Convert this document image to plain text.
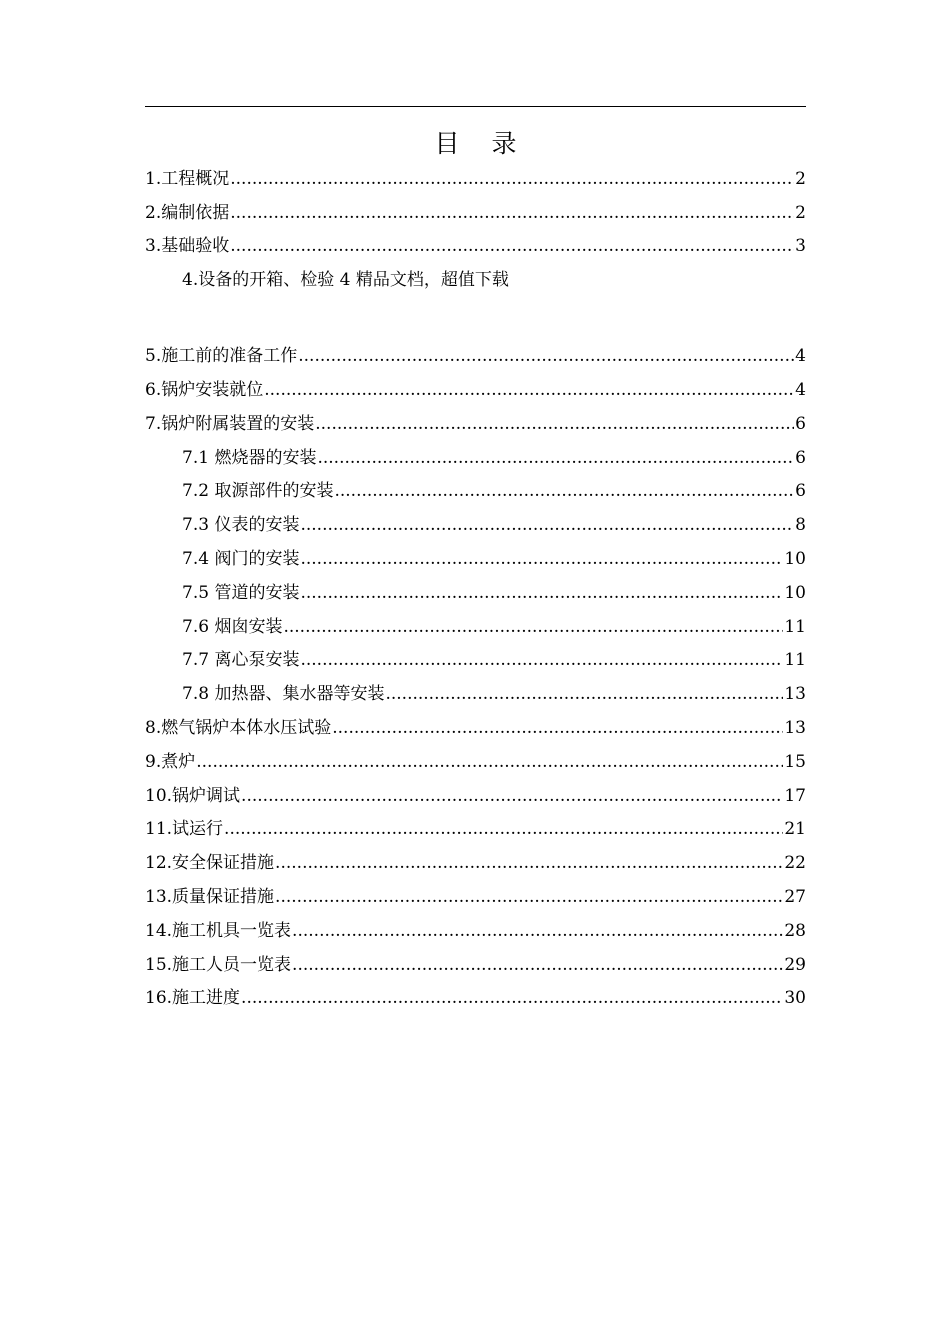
目 录
1.工程概况 .....	2
2.编制依据 .....	2
3.基础验收 .....	3
4.设备的开箱、检验 4 精品文档，超值下载
5.施工前的准备工作 .....	4
6.锅炉安装就位 .....	4
7.锅炉附属装置的安装 .....	6
7.1 燃烧器的安装 .....	6
7.2 取源部件的安装 .....	6
7.3 仪表的安装 .....	8
7.4 阀门的安装 .....	10
7.5 管道的安装 .....	10
7.6 烟囱安装 .....	11
7.7 离心泵安装 .....	11
7.8 加热器、集水器等安装 .....	13
8.燃气锅炉本体水压试验 .....	13
9.煮炉 .....	15
10.锅炉调试 .....	17
11.试运行 .....	21
12.安全保证措施 .....	22
13.质量保证措施 .....	27
14.施工机具一览表 .....	28
15.施工人员一览表 .....	29
16.施工进度 .....	30
